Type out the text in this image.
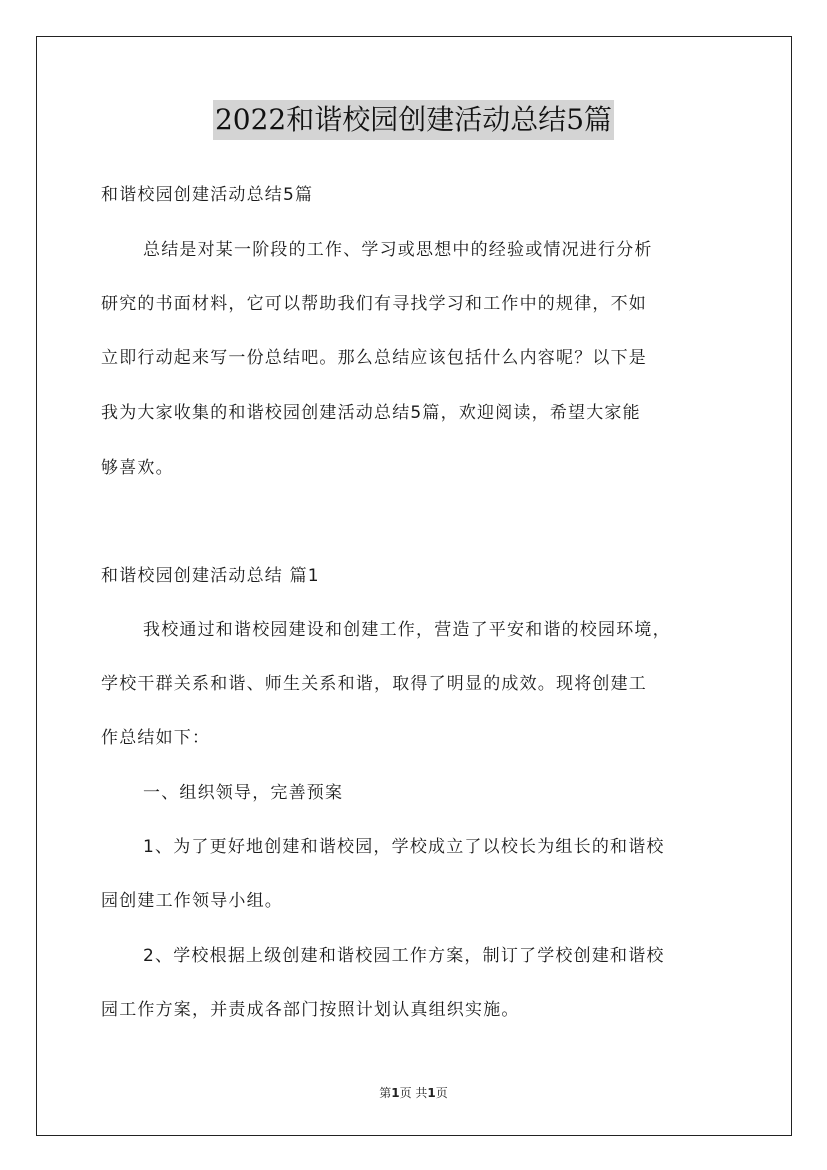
2022和谐校园创建活动总结5篇
和谐校园创建活动总结5篇
总结是对某一阶段的工作、学习或思想中的经验或情况进行分析
研究的书面材料，它可以帮助我们有寻找学习和工作中的规律，不如
立即行动起来写一份总结吧。那么总结应该包括什么内容呢？以下是
我为大家收集的和谐校园创建活动总结5篇，欢迎阅读，希望大家能
够喜欢。
和谐校园创建活动总结 篇1
我校通过和谐校园建设和创建工作，营造了平安和谐的校园环境，
学校干群关系和谐、师生关系和谐，取得了明显的成效。现将创建工
作总结如下：
一、组织领导，完善预案
1、为了更好地创建和谐校园，学校成立了以校长为组长的和谐校
园创建工作领导小组。
2、学校根据上级创建和谐校园工作方案，制订了学校创建和谐校
园工作方案，并责成各部门按照计划认真组织实施。
第1页 共1页
